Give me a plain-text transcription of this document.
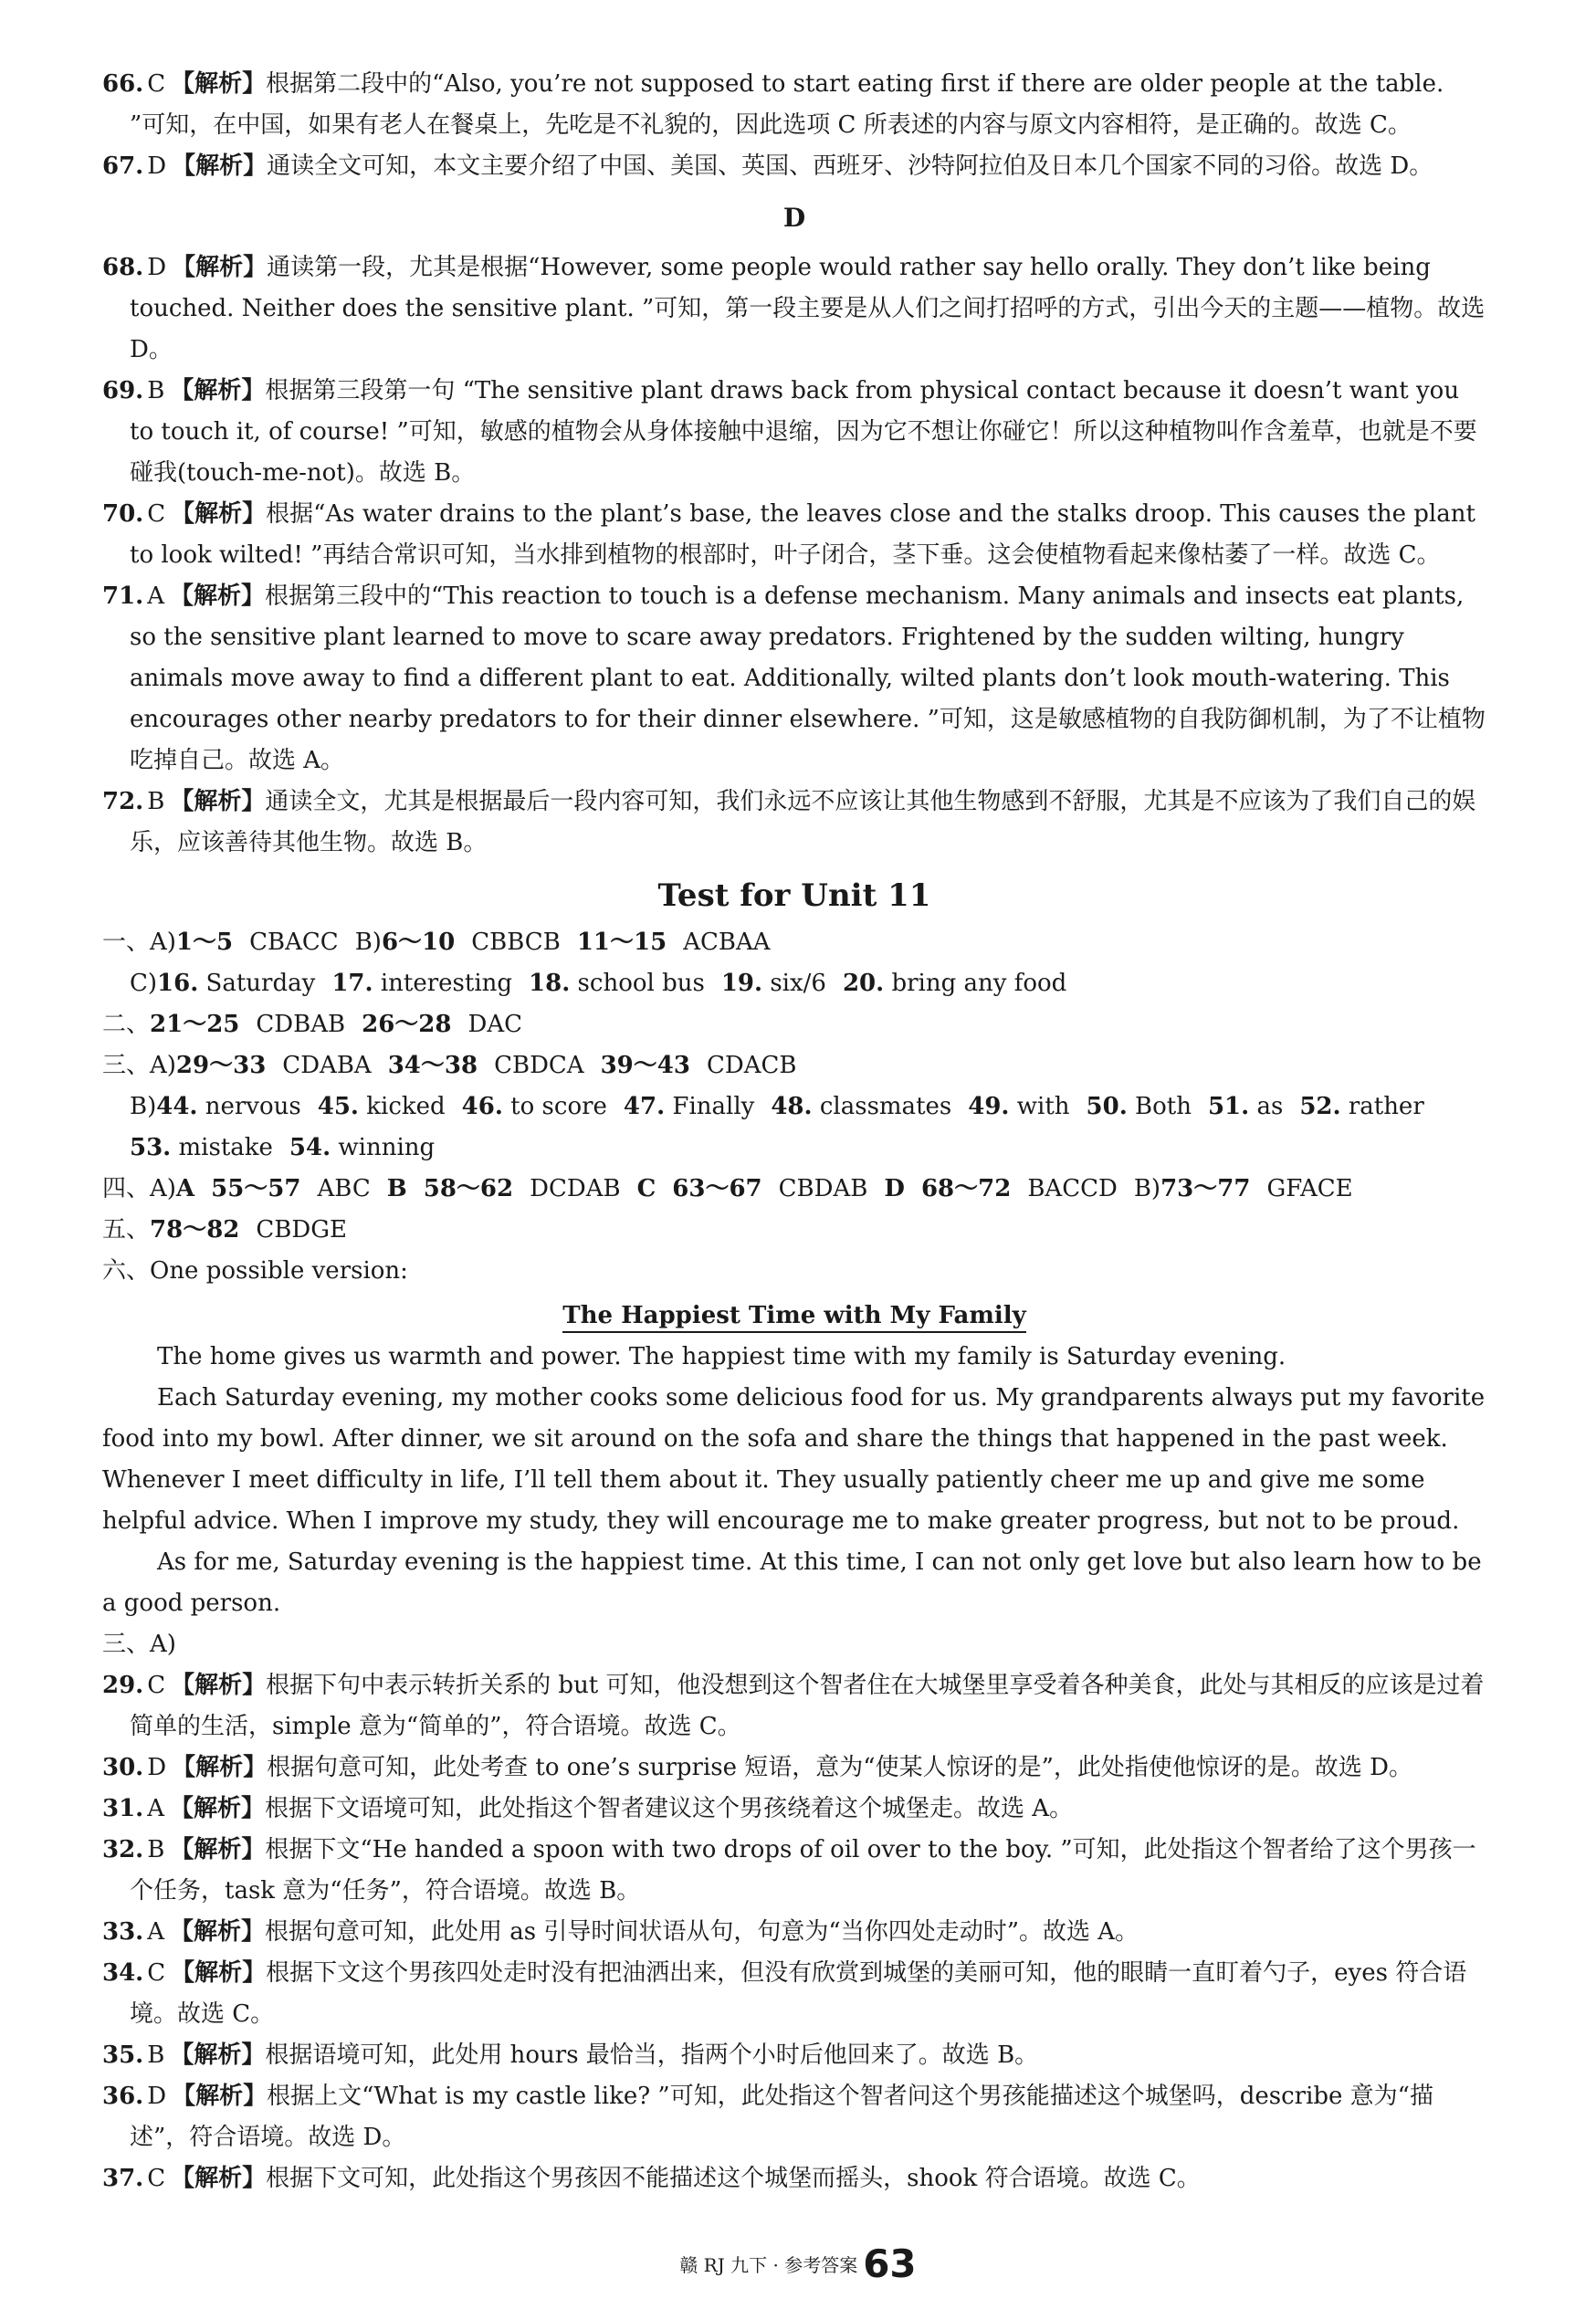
66. C 【解析】根据第二段中的“Also, you’re not supposed to start eating first if there are older people at the table. ”可知，在中国，如果有老人在餐桌上，先吃是不礼貌的，因此选项 C 所表述的内容与原文内容相符，是正确的。故选 C。

67. D 【解析】通读全文可知，本文主要介绍了中国、美国、英国、西班牙、沙特阿拉伯及日本几个国家不同的习俗。故选 D。

D

68. D 【解析】通读第一段，尤其是根据“However, some people would rather say hello orally. They don’t like being touched. Neither does the sensitive plant. ”可知，第一段主要是从人们之间打招呼的方式，引出今天的主题——植物。故选 D。

69. B 【解析】根据第三段第一句 “The sensitive plant draws back from physical contact because it doesn’t want you to touch it, of course! ”可知，敏感的植物会从身体接触中退缩，因为它不想让你碰它！所以这种植物叫作含羞草，也就是不要碰我(touch-me-not)。故选 B。

70. C 【解析】根据“As water drains to the plant’s base, the leaves close and the stalks droop. This causes the plant to look wilted! ”再结合常识可知，当水排到植物的根部时，叶子闭合，茎下垂。这会使植物看起来像枯萎了一样。故选 C。

71. A 【解析】根据第三段中的“This reaction to touch is a defense mechanism. Many animals and insects eat plants, so the sensitive plant learned to move to scare away predators. Frightened by the sudden wilting, hungry animals move away to find a different plant to eat. Additionally, wilted plants don’t look mouth-watering. This encourages other nearby predators to for their dinner elsewhere. ”可知，这是敏感植物的自我防御机制，为了不让植物吃掉自己。故选 A。

72. B 【解析】通读全文，尤其是根据最后一段内容可知，我们永远不应该让其他生物感到不舒服，尤其是不应该为了我们自己的娱乐，应该善待其他生物。故选 B。

Test for Unit 11

一、A)1～5 CBACC B)6～10 CBBCB 11～15 ACBAA

C)16. Saturday 17. interesting 18. school bus 19. six/6 20. bring any food

二、21～25 CDBAB 26～28 DAC

三、A)29～33 CDABA 34～38 CBDCA 39～43 CDACB

B)44. nervous 45. kicked 46. to score 47. Finally 48. classmates 49. with 50. Both 51. as 52. rather

53. mistake 54. winning

四、A)A 55～57 ABC B 58～62 DCDAB C 63～67 CBDAB D 68～72 BACCD B)73～77 GFACE

五、78～82 CBDGE

六、One possible version:

The Happiest Time with My Family

The home gives us warmth and power. The happiest time with my family is Saturday evening.

Each Saturday evening, my mother cooks some delicious food for us. My grandparents always put my favorite food into my bowl. After dinner, we sit around on the sofa and share the things that happened in the past week. Whenever I meet difficulty in life, I’ll tell them about it. They usually patiently cheer me up and give me some helpful advice. When I improve my study, they will encourage me to make greater progress, but not to be proud.

As for me, Saturday evening is the happiest time. At this time, I can not only get love but also learn how to be a good person.

三、A)

29. C 【解析】根据下句中表示转折关系的 but 可知，他没想到这个智者住在大城堡里享受着各种美食，此处与其相反的应该是过着简单的生活，simple 意为“简单的”，符合语境。故选 C。

30. D 【解析】根据句意可知，此处考查 to one’s surprise 短语，意为“使某人惊讶的是”，此处指使他惊讶的是。故选 D。

31. A 【解析】根据下文语境可知，此处指这个智者建议这个男孩绕着这个城堡走。故选 A。

32. B 【解析】根据下文“He handed a spoon with two drops of oil over to the boy. ”可知，此处指这个智者给了这个男孩一个任务，task 意为“任务”，符合语境。故选 B。

33. A 【解析】根据句意可知，此处用 as 引导时间状语从句，句意为“当你四处走动时”。故选 A。

34. C 【解析】根据下文这个男孩四处走时没有把油洒出来，但没有欣赏到城堡的美丽可知，他的眼睛一直盯着勺子，eyes 符合语境。故选 C。

35. B 【解析】根据语境可知，此处用 hours 最恰当，指两个小时后他回来了。故选 B。

36. D 【解析】根据上文“What is my castle like? ”可知，此处指这个智者问这个男孩能描述这个城堡吗，describe 意为“描述”，符合语境。故选 D。

37. C 【解析】根据下文可知，此处指这个男孩因不能描述这个城堡而摇头，shook 符合语境。故选 C。

赣 RJ 九下 · 参考答案 63
